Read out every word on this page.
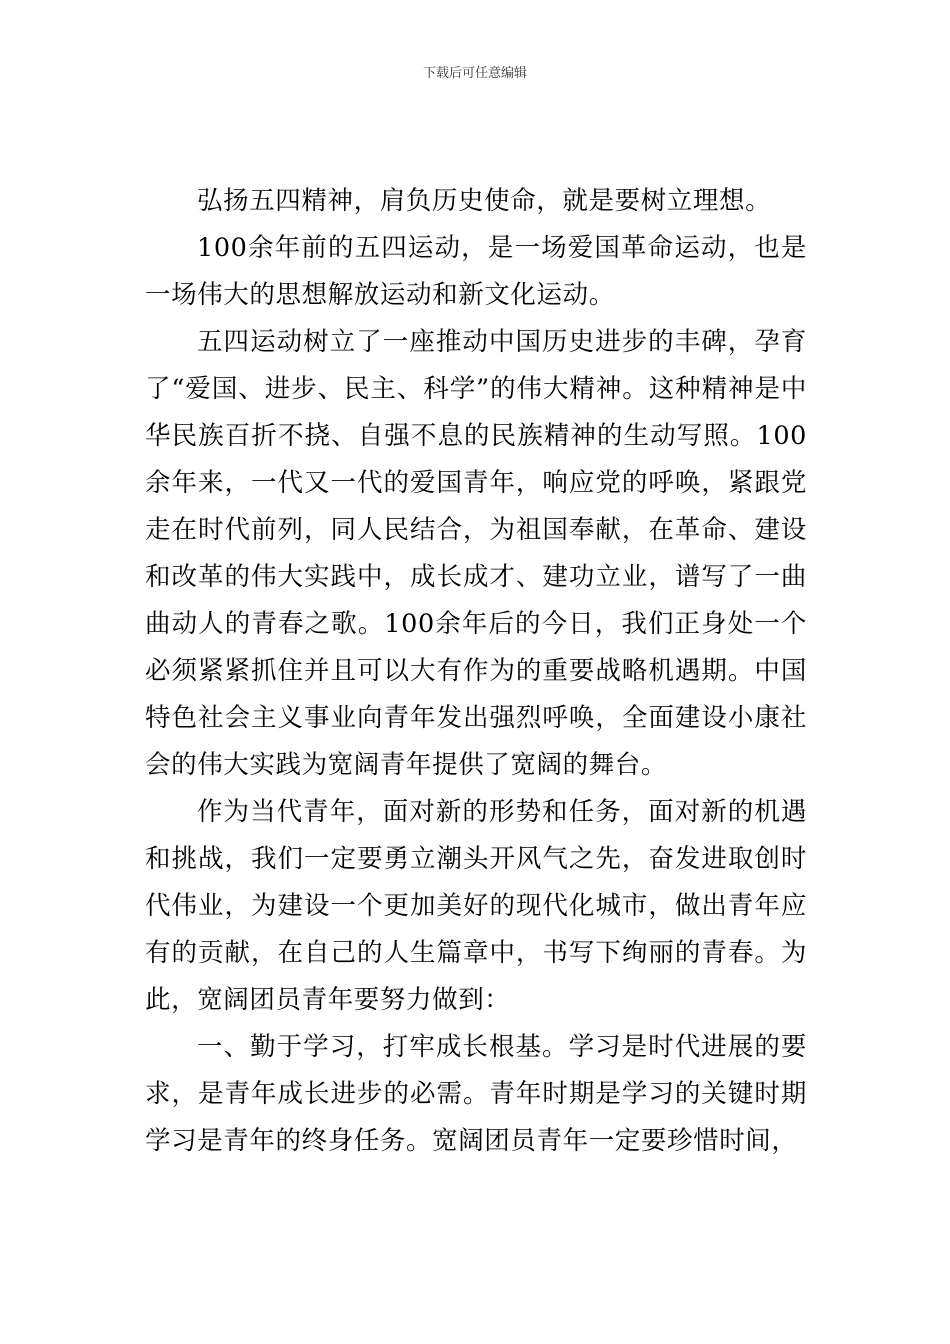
下载后可任意编辑

弘扬五四精神，肩负历史使命，就是要树立理想。

100余年前的五四运动，是一场爱国革命运动，也是一场伟大的思想解放运动和新文化运动。

五四运动树立了一座推动中国历史进步的丰碑，孕育了“爱国、进步、民主、科学”的伟大精神。这种精神是中华民族百折不挠、自强不息的民族精神的生动写照。100余年来，一代又一代的爱国青年，响应党的呼唤，紧跟党走在时代前列，同人民结合，为祖国奉献，在革命、建设和改革的伟大实践中，成长成才、建功立业，谱写了一曲曲动人的青春之歌。100余年后的今日，我们正身处一个必须紧紧抓住并且可以大有作为的重要战略机遇期。中国特色社会主义事业向青年发出强烈呼唤，全面建设小康社会的伟大实践为宽阔青年提供了宽阔的舞台。

作为当代青年，面对新的形势和任务，面对新的机遇和挑战，我们一定要勇立潮头开风气之先，奋发进取创时代伟业，为建设一个更加美好的现代化城市，做出青年应有的贡献，在自己的人生篇章中，书写下绚丽的青春。为此，宽阔团员青年要努力做到：

一、勤于学习，打牢成长根基。学习是时代进展的要求，是青年成长进步的必需。青年时期是学习的关键时期学习是青年的终身任务。宽阔团员青年一定要珍惜时间，
